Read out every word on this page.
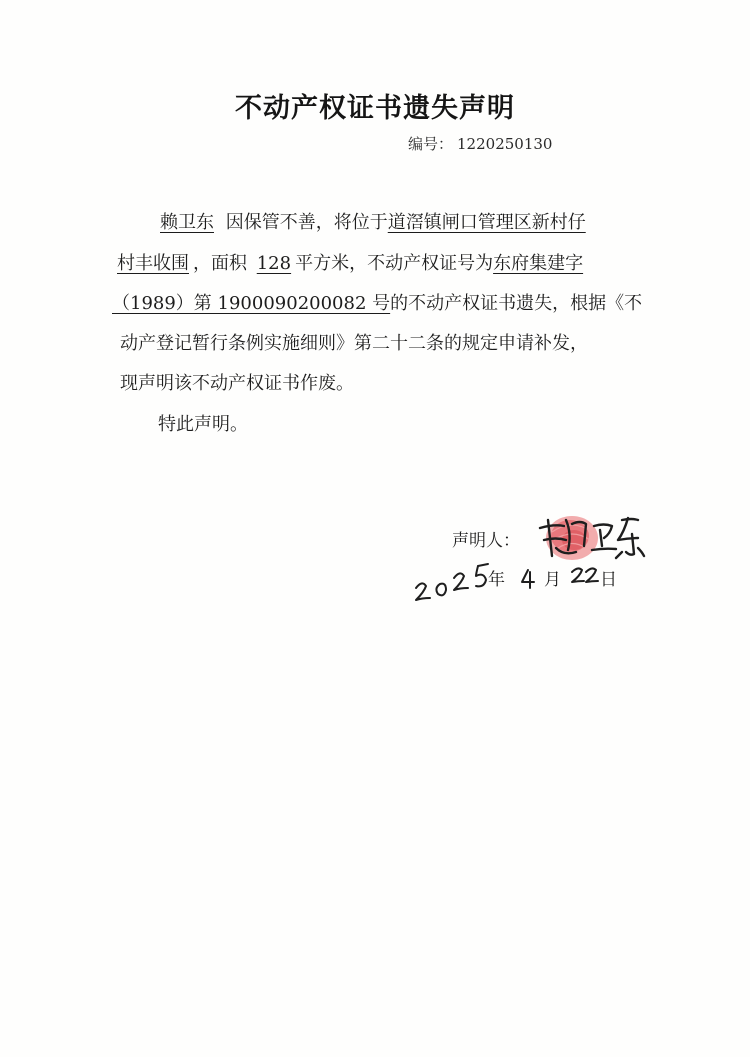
不动产权证书遗失声明
编号： 1220250130
赖卫东 因保管不善，将位于道滘镇闸口管理区新村仔
村丰收围 ，面积 128 平方米，不动产权证号为东府集建字
（1989）第 1900090200082 号的不动产权证书遗失，根据《不
动产登记暂行条例实施细则》第二十二条的规定申请补发，
现声明该不动产权证书作废。
特此声明。
声明人：
年 月 日
